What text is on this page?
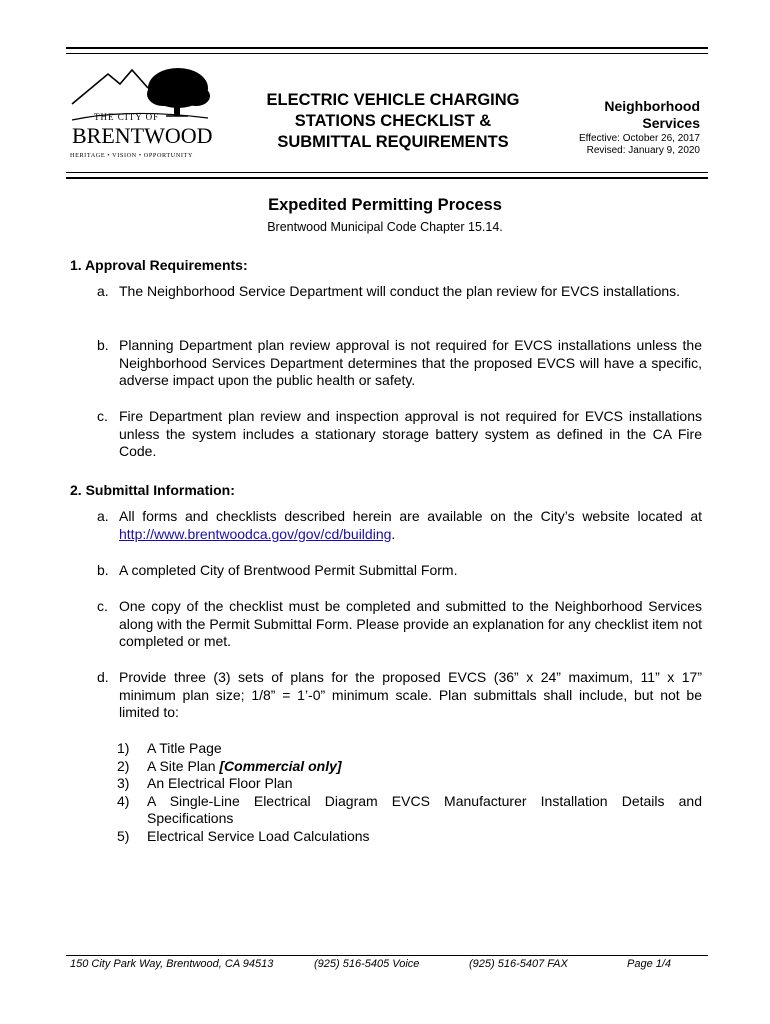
THE CITY OF
BRENTWOOD
HERITAGE • VISION • OPPORTUNITY
ELECTRIC VEHICLE CHARGING
STATIONS CHECKLIST &
SUBMITTAL REQUIREMENTS
Neighborhood
Services
Effective: October 26, 2017
Revised: January 9, 2020
Expedited Permitting Process
Brentwood Municipal Code Chapter 15.14.
1. Approval Requirements:
a. The Neighborhood Service Department will conduct the plan review for EVCS installations.
b. Planning Department plan review approval is not required for EVCS installations unless the Neighborhood Services Department determines that the proposed EVCS will have a specific, adverse impact upon the public health or safety.
c. Fire Department plan review and inspection approval is not required for EVCS installations unless the system includes a stationary storage battery system as defined in the CA Fire Code.
2. Submittal Information:
a. All forms and checklists described herein are available on the City’s website located at http://www.brentwoodca.gov/gov/cd/building.
b. A completed City of Brentwood Permit Submittal Form.
c. One copy of the checklist must be completed and submitted to the Neighborhood Services along with the Permit Submittal Form. Please provide an explanation for any checklist item not completed or met.
d. Provide three (3) sets of plans for the proposed EVCS (36” x 24” maximum, 11” x 17” minimum plan size; 1/8” = 1’-0” minimum scale. Plan submittals shall include, but not be limited to:
1) A Title Page
2) A Site Plan [Commercial only]
3) An Electrical Floor Plan
4) A Single-Line Electrical Diagram EVCS Manufacturer Installation Details and Specifications
5) Electrical Service Load Calculations
150 City Park Way, Brentwood, CA 94513	(925) 516-5405 Voice	(925) 516-5407 FAX	Page 1/4
